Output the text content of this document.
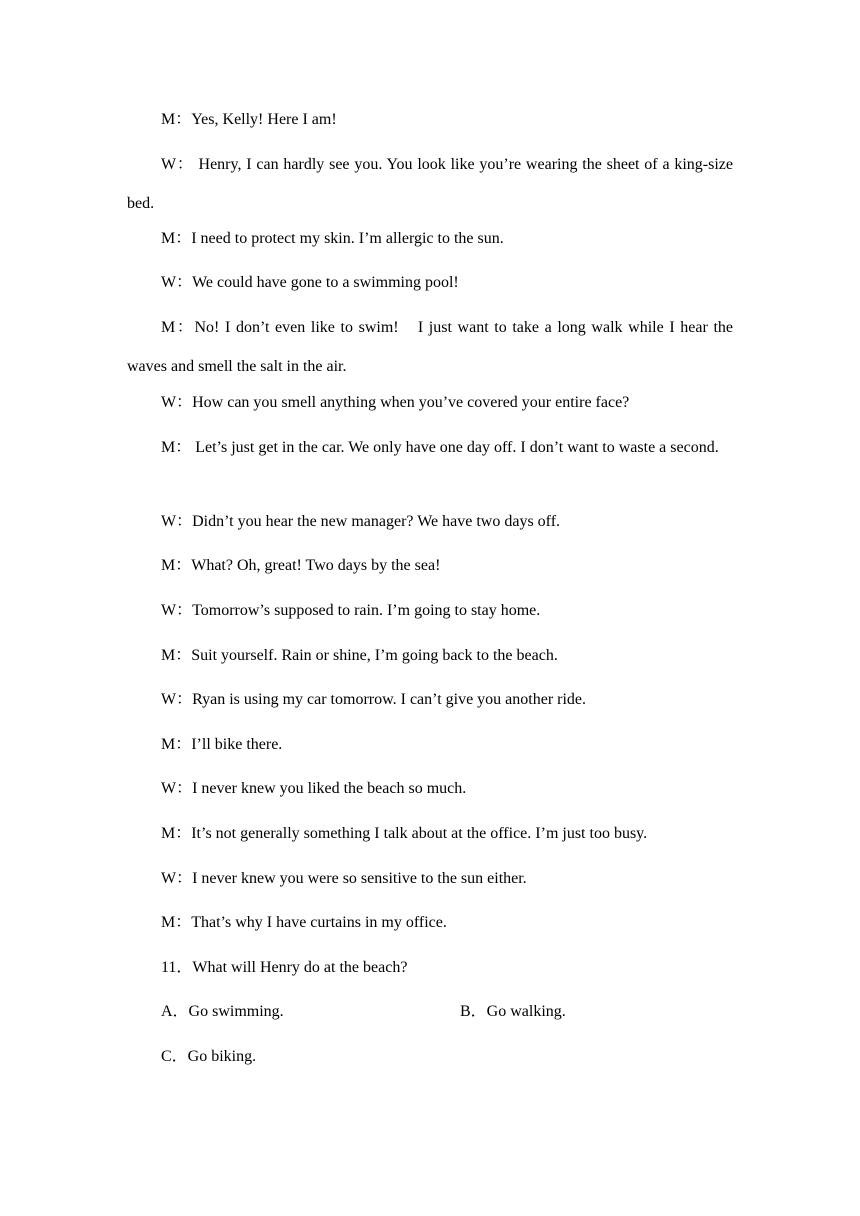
M：Yes, Kelly! Here I am!
W： Henry, I can hardly see you. You look like you’re wearing the sheet of a king-size bed.
M：I need to protect my skin. I’m allergic to the sun.
W：We could have gone to a swimming pool!
M：No! I don’t even like to swim!　I just want to take a long walk while I hear the waves and smell the salt in the air.
W：How can you smell anything when you’ve covered your entire face?
M： Let’s just get in the car. We only have one day off. I don’t want to waste a second.
W：Didn’t you hear the new manager? We have two days off.
M：What? Oh, great! Two days by the sea!
W：Tomorrow’s supposed to rain. I’m going to stay home.
M：Suit yourself. Rain or shine, I’m going back to the beach.
W：Ryan is using my car tomorrow. I can’t give you another ride.
M：I’ll bike there.
W：I never knew you liked the beach so much.
M：It’s not generally something I talk about at the office. I’m just too busy.
W：I never knew you were so sensitive to the sun either.
M：That’s why I have curtains in my office.
11．What will Henry do at the beach?
A．Go swimming.	B．Go walking.
C．Go biking.
